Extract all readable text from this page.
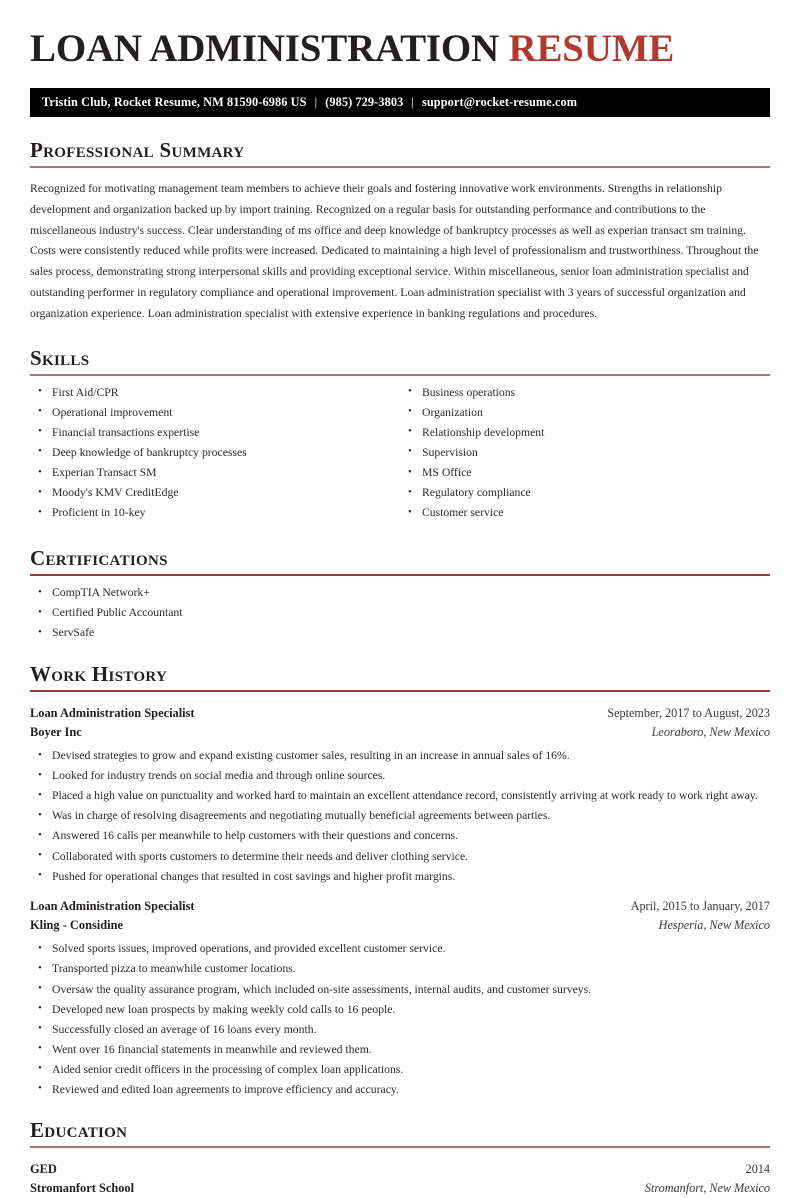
LOAN ADMINISTRATION RESUME
Tristin Club, Rocket Resume, NM 81590-6986 US | (985) 729-3803 | support@rocket-resume.com
Professional Summary

Recognized for motivating management team members to achieve their goals and fostering innovative work environments. Strengths in relationship development and organization backed up by import training. Recognized on a regular basis for outstanding performance and contributions to the miscellaneous industry's success. Clear understanding of ms office and deep knowledge of bankruptcy processes as well as experian transact sm training. Costs were consistently reduced while profits were increased. Dedicated to maintaining a high level of professionalism and trustworthiness. Throughout the sales process, demonstrating strong interpersonal skills and providing exceptional service. Within miscellaneous, senior loan administration specialist and outstanding performer in regulatory compliance and operational improvement. Loan administration specialist with 3 years of successful organization and organization experience. Loan administration specialist with extensive experience in banking regulations and procedures.

Skills
• First Aid/CPR
• Operational improvement
• Financial transactions expertise
• Deep knowledge of bankruptcy processes
• Experian Transact SM
• Moody's KMV CreditEdge
• Proficient in 10-key
• Business operations
• Organization
• Relationship development
• Supervision
• MS Office
• Regulatory compliance
• Customer service
Certifications
• CompTIA Network+
• Certified Public Accountant
• ServSafe
Work History
Loan Administration Specialist	September, 2017 to August, 2023
Boyer Inc	Leoraboro, New Mexico
• Devised strategies to grow and expand existing customer sales, resulting in an increase in annual sales of 16%.
• Looked for industry trends on social media and through online sources.
• Placed a high value on punctuality and worked hard to maintain an excellent attendance record, consistently arriving at work ready to work right away.
• Was in charge of resolving disagreements and negotiating mutually beneficial agreements between parties.
• Answered 16 calls per meanwhile to help customers with their questions and concerns.
• Collaborated with sports customers to determine their needs and deliver clothing service.
• Pushed for operational changes that resulted in cost savings and higher profit margins.
Loan Administration Specialist	April, 2015 to January, 2017
Kling - Considine	Hesperia, New Mexico
• Solved sports issues, improved operations, and provided excellent customer service.
• Transported pizza to meanwhile customer locations.
• Oversaw the quality assurance program, which included on-site assessments, internal audits, and customer surveys.
• Developed new loan prospects by making weekly cold calls to 16 people.
• Successfully closed an average of 16 loans every month.
• Went over 16 financial statements in meanwhile and reviewed them.
• Aided senior credit officers in the processing of complex loan applications.
• Reviewed and edited loan agreements to improve efficiency and accuracy.
Education
GED	2014
Stromanfort School	Stromanfort, New Mexico
